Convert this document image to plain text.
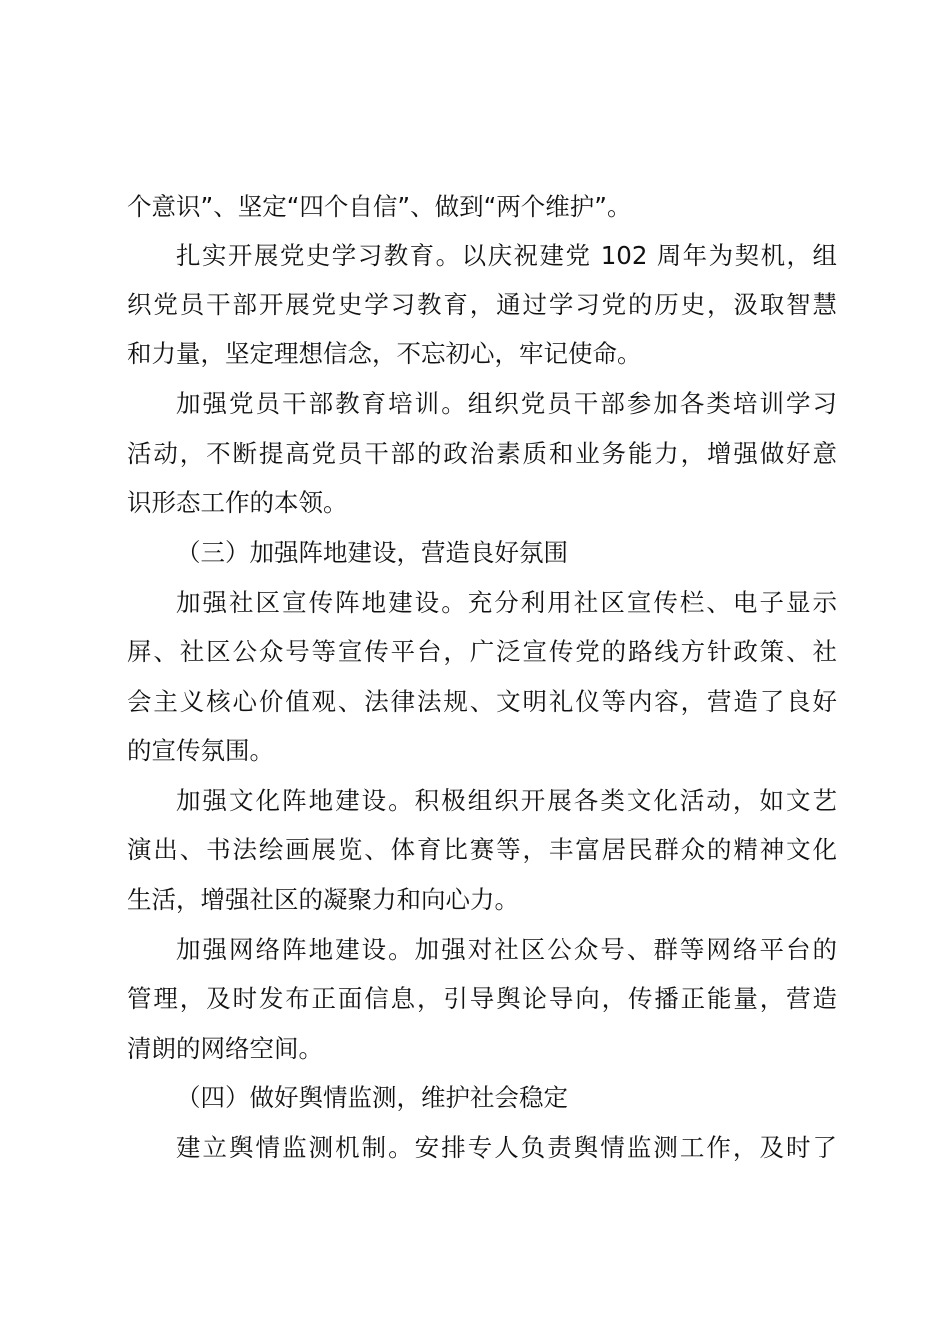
个意识”、坚定“四个自信”、做到“两个维护”。
扎实开展党史学习教育。以庆祝建党 102 周年为契机，组
织党员干部开展党史学习教育，通过学习党的历史，汲取智慧
和力量，坚定理想信念，不忘初心，牢记使命。
加强党员干部教育培训。组织党员干部参加各类培训学习
活动，不断提高党员干部的政治素质和业务能力，增强做好意
识形态工作的本领。
（三）加强阵地建设，营造良好氛围
加强社区宣传阵地建设。充分利用社区宣传栏、电子显示
屏、社区公众号等宣传平台，广泛宣传党的路线方针政策、社
会主义核心价值观、法律法规、文明礼仪等内容，营造了良好
的宣传氛围。
加强文化阵地建设。积极组织开展各类文化活动，如文艺
演出、书法绘画展览、体育比赛等，丰富居民群众的精神文化
生活，增强社区的凝聚力和向心力。
加强网络阵地建设。加强对社区公众号、群等网络平台的
管理，及时发布正面信息，引导舆论导向，传播正能量，营造
清朗的网络空间。
（四）做好舆情监测，维护社会稳定
建立舆情监测机制。安排专人负责舆情监测工作，及时了
